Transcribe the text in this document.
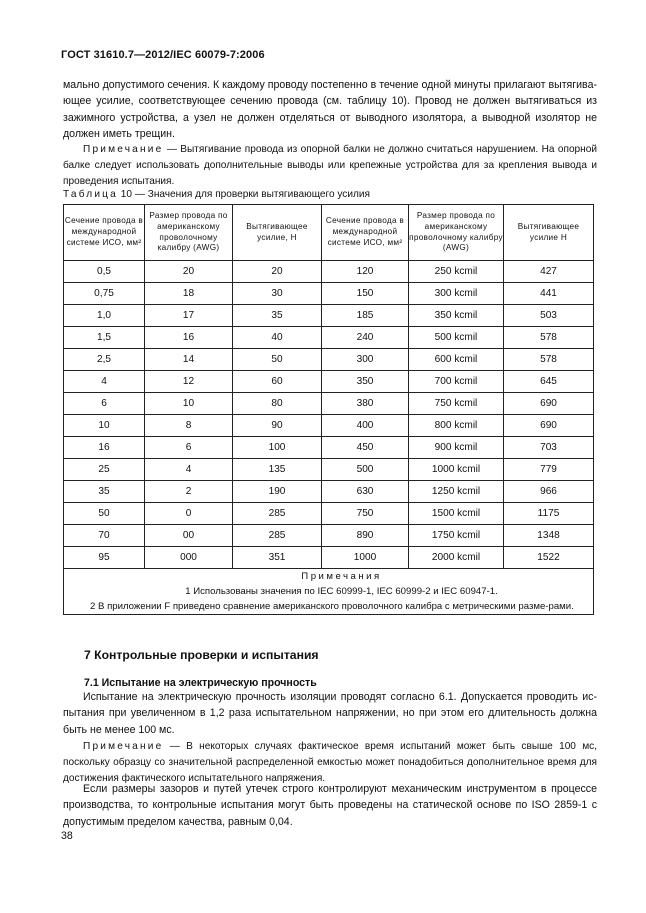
ГОСТ 31610.7—2012/IEC 60079-7:2006
мально допустимого сечения. К каждому проводу постепенно в течение одной минуты прилагают вытягива-ющее усилие, соответствующее сечению провода (см. таблицу 10). Провод не должен вытягиваться из зажимного устройства, а узел не должен отделяться от выводного изолятора, а выводной изолятор не должен иметь трещин.
Примечание — Вытягивание провода из опорной балки не должно считаться нарушением. На опорной балке следует использовать дополнительные выводы или крепежные устройства для за крепления вывода и проведения испытания.
Таблица 10 — Значения для проверки вытягивающего усилия
Сечение провода в международной системе ИСО, мм²	Размер провода по американскому проволочному калибру (AWG)	Вытягивающее усилие, Н	Сечение провода в международной системе ИСО, мм²	Размер провода по американскому проволочному калибру (AWG)	Вытягивающее усилие Н
0,5	20	20	120	250 kcmil	427
0,75	18	30	150	300 kcmil	441
1,0	17	35	185	350 kcmil	503
1,5	16	40	240	500 kcmil	578
2,5	14	50	300	600 kcmil	578
4	12	60	350	700 kcmil	645
6	10	80	380	750 kcmil	690
10	8	90	400	800 kcmil	690
16	6	100	450	900 kcmil	703
25	4	135	500	1000 kcmil	779
35	2	190	630	1250 kcmil	966
50	0	285	750	1500 kcmil	1175
70	00	285	890	1750 kcmil	1348
95	000	351	1000	2000 kcmil	1522

Примечания
1 Использованы значения по IEC 60999-1, IEC 60999-2 и IEC 60947-1.
2 В приложении F приведено сравнение американского проволочного калибра с метрическими разме-рами.					
7 Контрольные проверки и испытания
7.1 Испытание на электрическую прочность
Испытание на электрическую прочность изоляции проводят согласно 6.1. Допускается проводить ис-пытания при увеличенном в 1,2 раза испытательном напряжении, но при этом его длительность должна быть не менее 100 мс.
Примечание — В некоторых случаях фактическое время испытаний может быть свыше 100 мс, поскольку образцу со значительной распределенной емкостью может понадобиться дополнительное время для достижения фактического испытательного напряжения.
Если размеры зазоров и путей утечек строго контролируют механическим инструментом в процессе производства, то контрольные испытания могут быть проведены на статической основе по ISO 2859-1 с допустимым пределом качества, равным 0,04.
38
